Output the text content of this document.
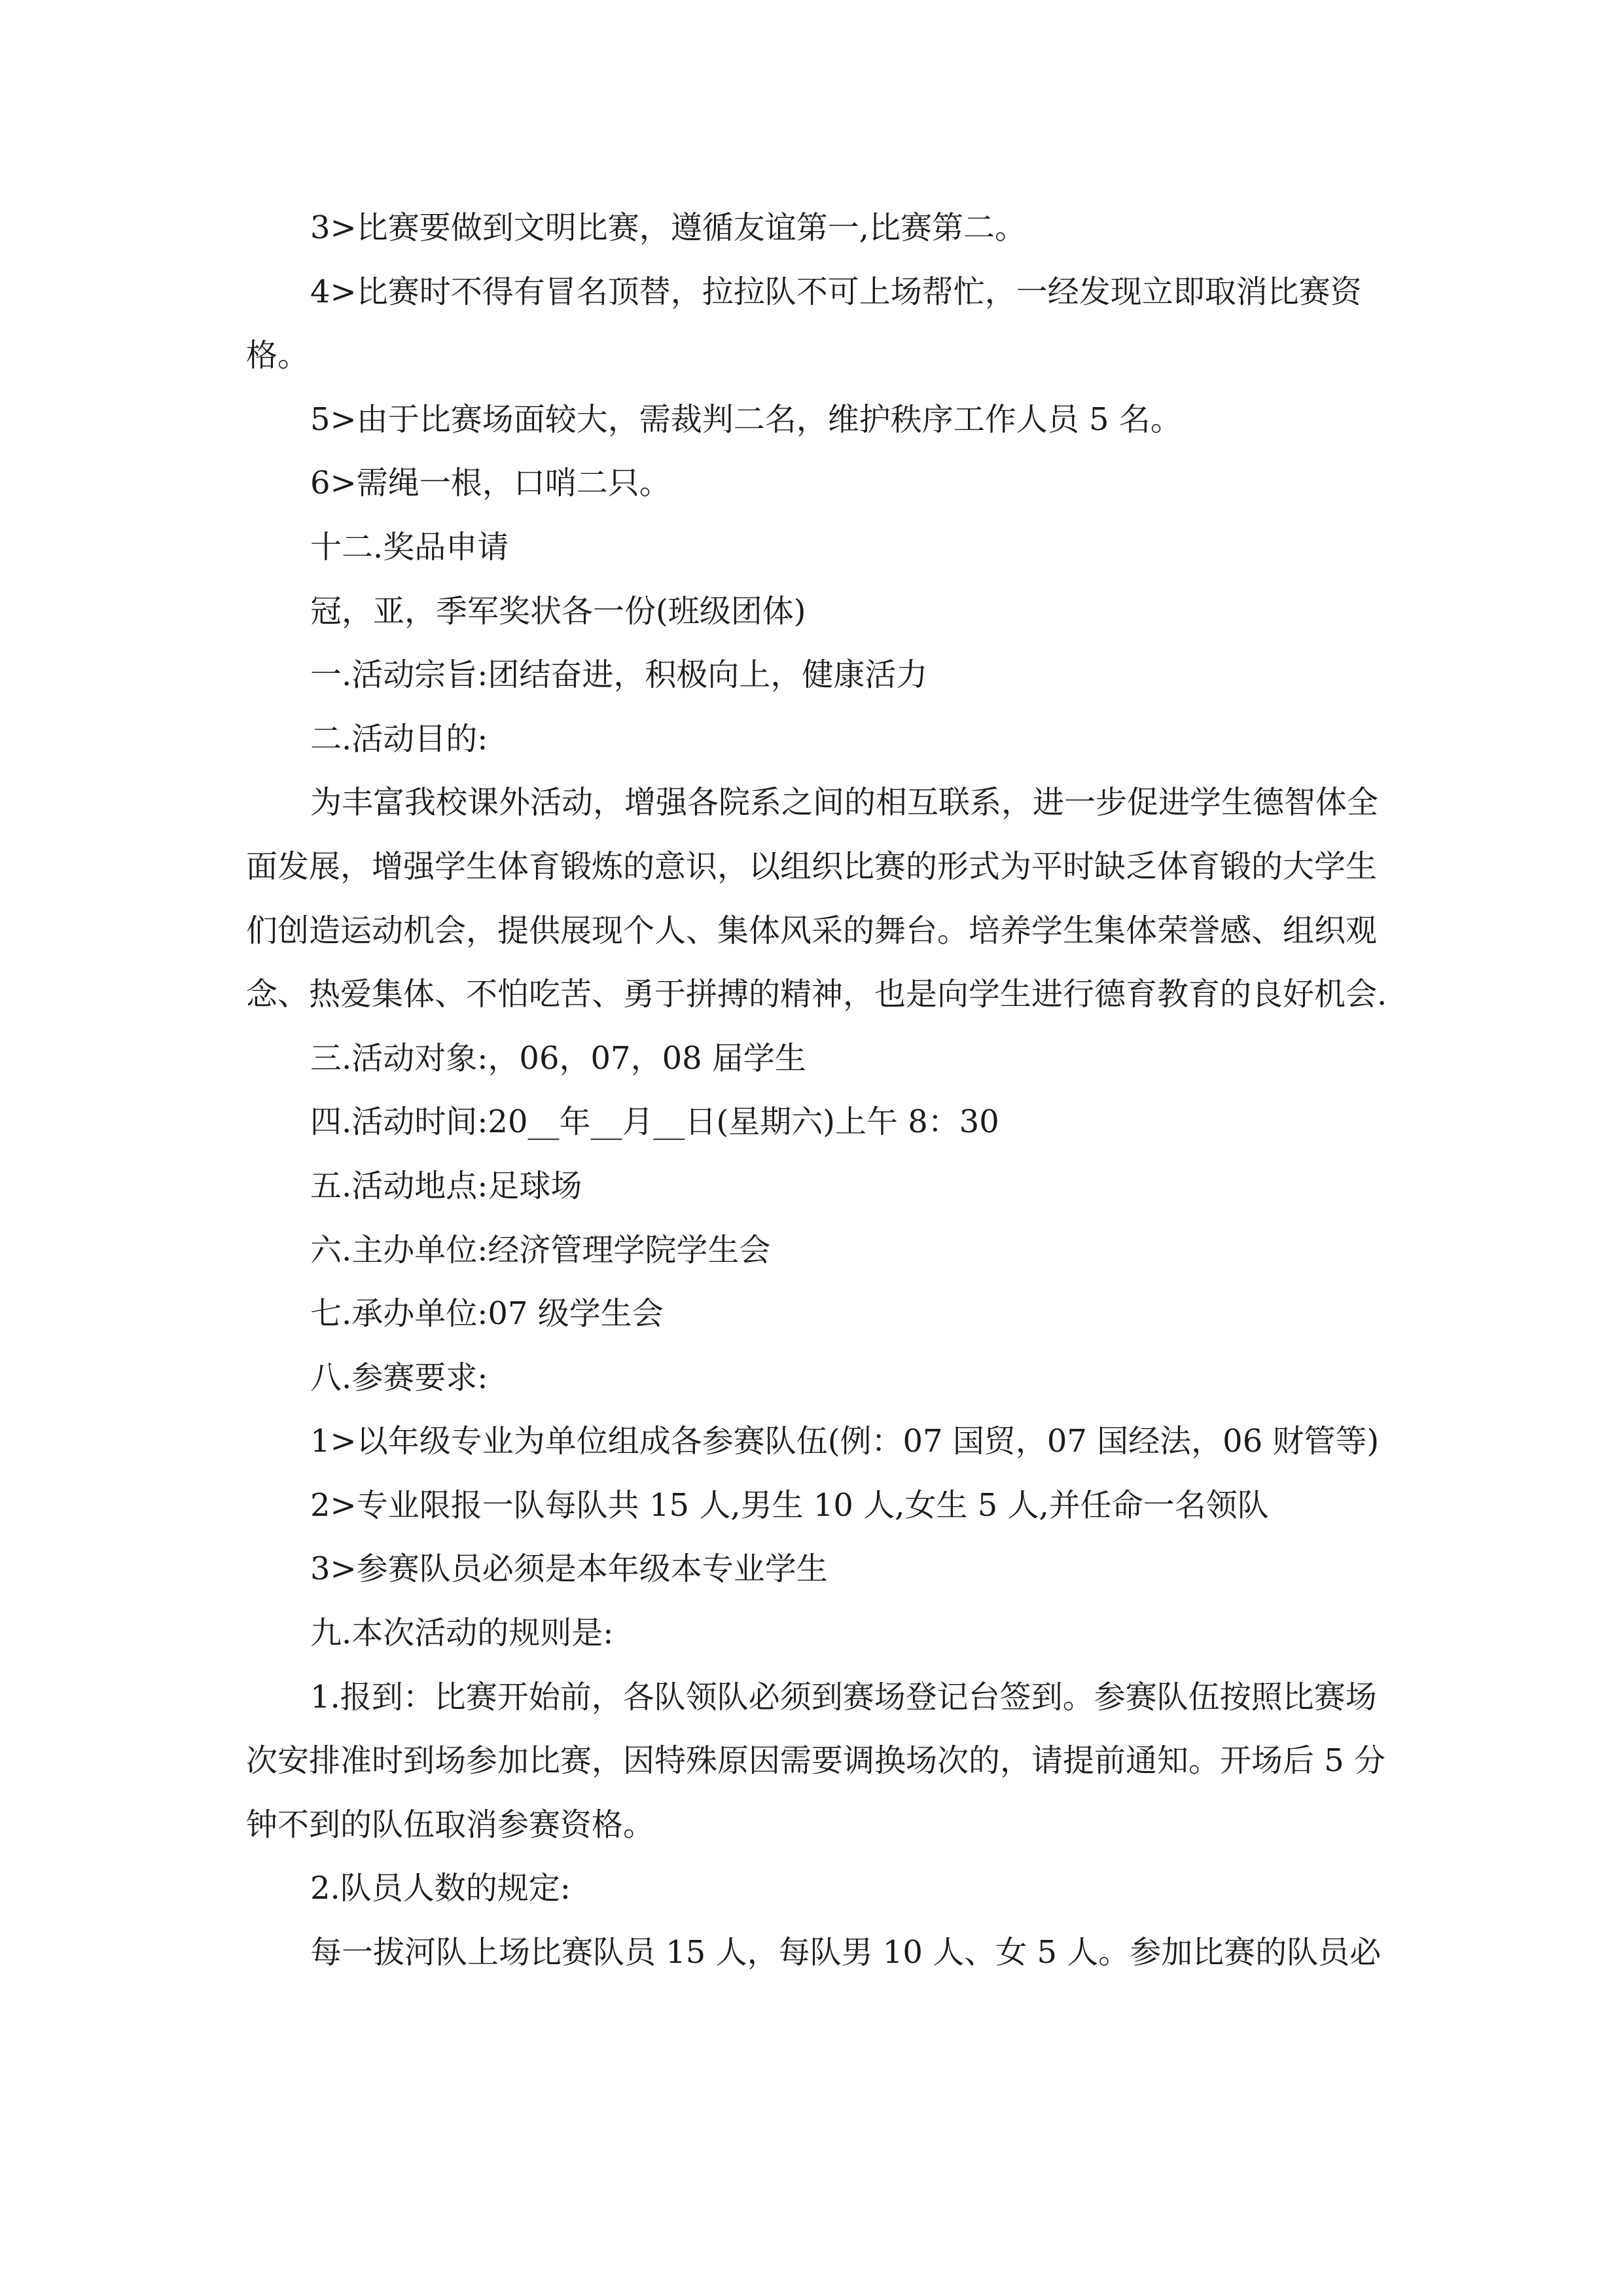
3>比赛要做到文明比赛，遵循友谊第一,比赛第二。

4>比赛时不得有冒名顶替，拉拉队不可上场帮忙，一经发现立即取消比赛资格。

5>由于比赛场面较大，需裁判二名，维护秩序工作人员 5 名。

6>需绳一根，口哨二只。

十二.奖品申请

冠，亚，季军奖状各一份(班级团体)

一.活动宗旨:团结奋进，积极向上，健康活力

二.活动目的:

为丰富我校课外活动，增强各院系之间的相互联系，进一步促进学生德智体全面发展，增强学生体育锻炼的意识，以组织比赛的形式为平时缺乏体育锻的大学生们创造运动机会，提供展现个人、集体风采的舞台。培养学生集体荣誉感、组织观念、热爱集体、不怕吃苦、勇于拼搏的精神，也是向学生进行德育教育的良好机会.

三.活动对象:，06，07，08 届学生

四.活动时间:20__年__月__日(星期六)上午 8：30

五.活动地点:足球场

六.主办单位:经济管理学院学生会

七.承办单位:07 级学生会

八.参赛要求:

1>以年级专业为单位组成各参赛队伍(例：07 国贸，07 国经法，06 财管等)

2>专业限报一队每队共 15 人,男生 10 人,女生 5 人,并任命一名领队

3>参赛队员必须是本年级本专业学生

九.本次活动的规则是:

1.报到：比赛开始前，各队领队必须到赛场登记台签到。参赛队伍按照比赛场次安排准时到场参加比赛，因特殊原因需要调换场次的，请提前通知。开场后 5 分钟不到的队伍取消参赛资格。

2.队员人数的规定:

每一拔河队上场比赛队员 15 人，每队男 10 人、女 5 人。参加比赛的队员必
